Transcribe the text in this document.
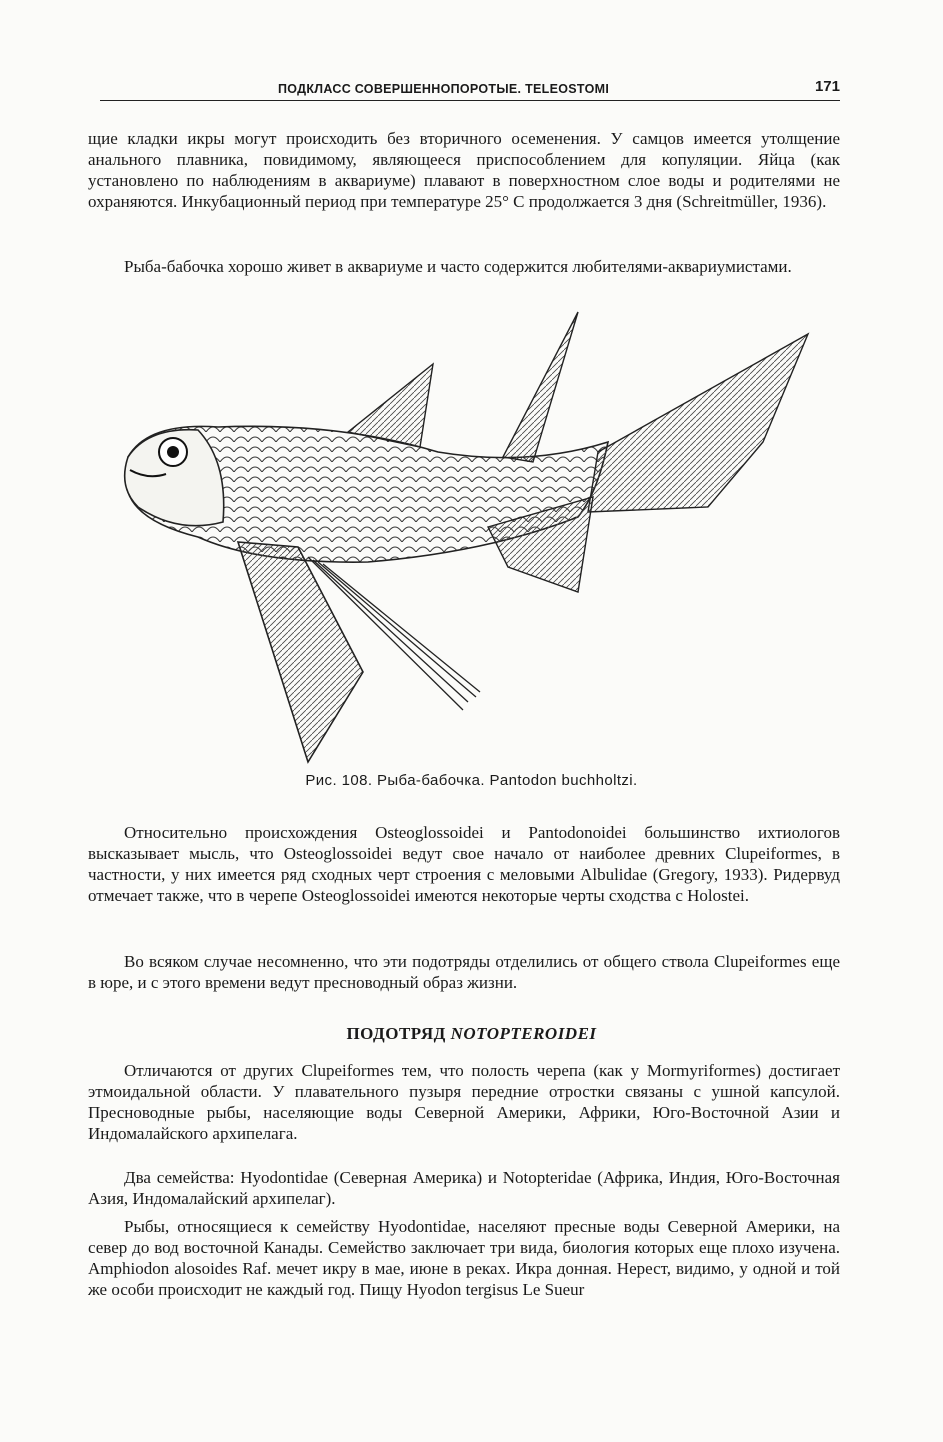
ПОДКЛАСС СОВЕРШЕННОПОРОТЫЕ. TELEOSTOMI	171

щие кладки икры могут происходить без вторичного осеменения. У самцов имеется утолщение анального плавника, повидимому, являющееся приспособлением для копуляции. Яйца (как установлено по наблюдениям в аквариуме) плавают в поверхностном слое воды и родителями не охраняются. Инкубационный период при температуре 25° С продолжается 3 дня (Schreitmüller, 1936).

Рыба-бабочка хорошо живет в аквариуме и часто содержится любителями-аквариумистами.

Рис. 108. Рыба-бабочка. Pantodon buchholtzi.

Относительно происхождения Osteoglossoidei и Pantodonoidei большинство ихтиологов высказывает мысль, что Osteoglossoidei ведут свое начало от наиболее древних Clupeiformes, в частности, у них имеется ряд сходных черт строения с меловыми Albulidae (Gregory, 1933). Ридервуд отмечает также, что в черепе Osteoglossoidei имеются некоторые черты сходства с Holostei.

Во всяком случае несомненно, что эти подотряды отделились от общего ствола Clupeiformes еще в юре, и с этого времени ведут пресноводный образ жизни.

ПОДОТРЯД NOTOPTEROIDEI

Отличаются от других Clupeiformes тем, что полость черепа (как у Mormyriformes) достигает этмоидальной области. У плавательного пузыря передние отростки связаны с ушной капсулой. Пресноводные рыбы, населяющие воды Северной Америки, Африки, Юго-Восточной Азии и Индомалайского архипелага.

Два семейства: Hyodontidae (Северная Америка) и Notopteridae (Африка, Индия, Юго-Восточная Азия, Индомалайский архипелаг).

Рыбы, относящиеся к семейству Hyodontidae, населяют пресные воды Северной Америки, на север до вод восточной Канады. Семейство заключает три вида, биология которых еще плохо изучена. Amphiodon alosoides Raf. мечет икру в мае, июне в реках. Икра донная. Нерест, видимо, у одной и той же особи происходит не каждый год. Пищу Hyodon tergisus Le Sueur
